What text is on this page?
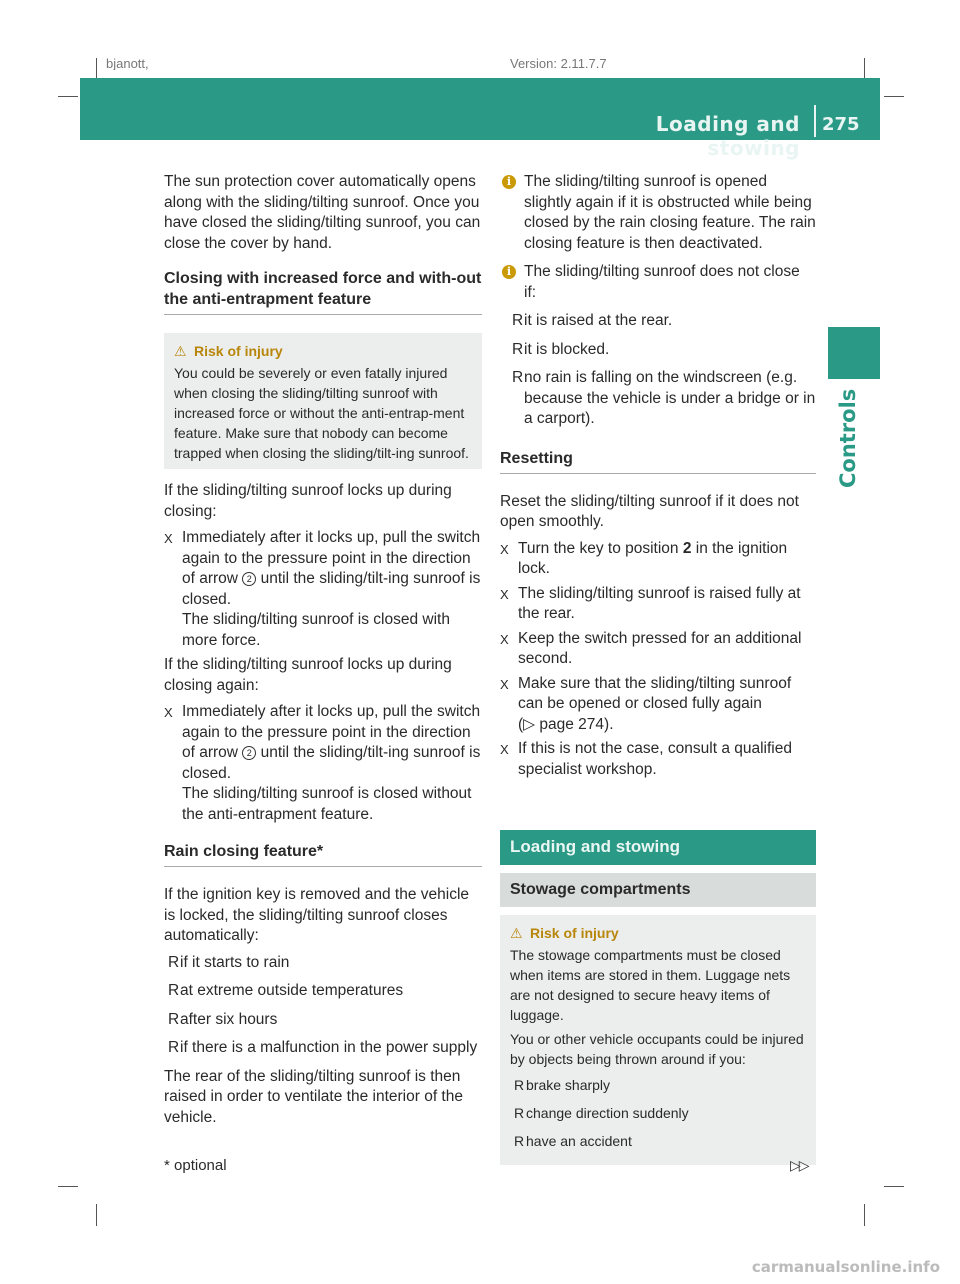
bjanott,	Version: 2.11.7.7
Loading and stowing
275
Controls

The sun protection cover automatically opens along with the sliding/tilting sunroof. Once you have closed the sliding/tilting sunroof, you can close the cover by hand.

Closing with increased force and with-out the anti-entrapment feature
⚠ Risk of injury
You could be severely or even fatally injured when closing the sliding/tilting sunroof with increased force or without the anti-entrap-ment feature. Make sure that nobody can become trapped when closing the sliding/tilt-ing sunroof.

If the sliding/tilting sunroof locks up during closing:

X Immediately after it locks up, pull the switch again to the pressure point in the direction of arrow 2 until the sliding/tilt-ing sunroof is closed.
The sliding/tilting sunroof is closed with more force.

If the sliding/tilting sunroof locks up during closing again:

X Immediately after it locks up, pull the switch again to the pressure point in the direction of arrow 2 until the sliding/tilt-ing sunroof is closed.
The sliding/tilting sunroof is closed without the anti-entrapment feature.
Rain closing feature*

If the ignition key is removed and the vehicle is locked, the sliding/tilting sunroof closes automatically:

R if it starts to rain
R at extreme outside temperatures
R after six hours
R if there is a malfunction in the power supply

The rear of the sliding/tilting sunroof is then raised in order to ventilate the interior of the vehicle.

i The sliding/tilting sunroof is opened slightly again if it is obstructed while being closed by the rain closing feature. The rain closing feature is then deactivated.
i The sliding/tilting sunroof does not close if:
R it is raised at the rear.
R it is blocked.
R no rain is falling on the windscreen (e.g. because the vehicle is under a bridge or in a carport).
Resetting

Reset the sliding/tilting sunroof if it does not open smoothly.

X Turn the key to position 2 in the ignition lock.
X The sliding/tilting sunroof is raised fully at the rear.
X Keep the switch pressed for an additional second.
X Make sure that the sliding/tilting sunroof can be opened or closed fully again
(▷ page 274).
X If this is not the case, consult a qualified specialist workshop.
Loading and stowing
Stowage compartments
⚠ Risk of injury
The stowage compartments must be closed when items are stored in them. Luggage nets are not designed to secure heavy items of luggage.
You or other vehicle occupants could be injured by objects being thrown around if you:
R brake sharply
R change direction suddenly
R have an accident
* optional	▷▷
carmanualsonline.info
